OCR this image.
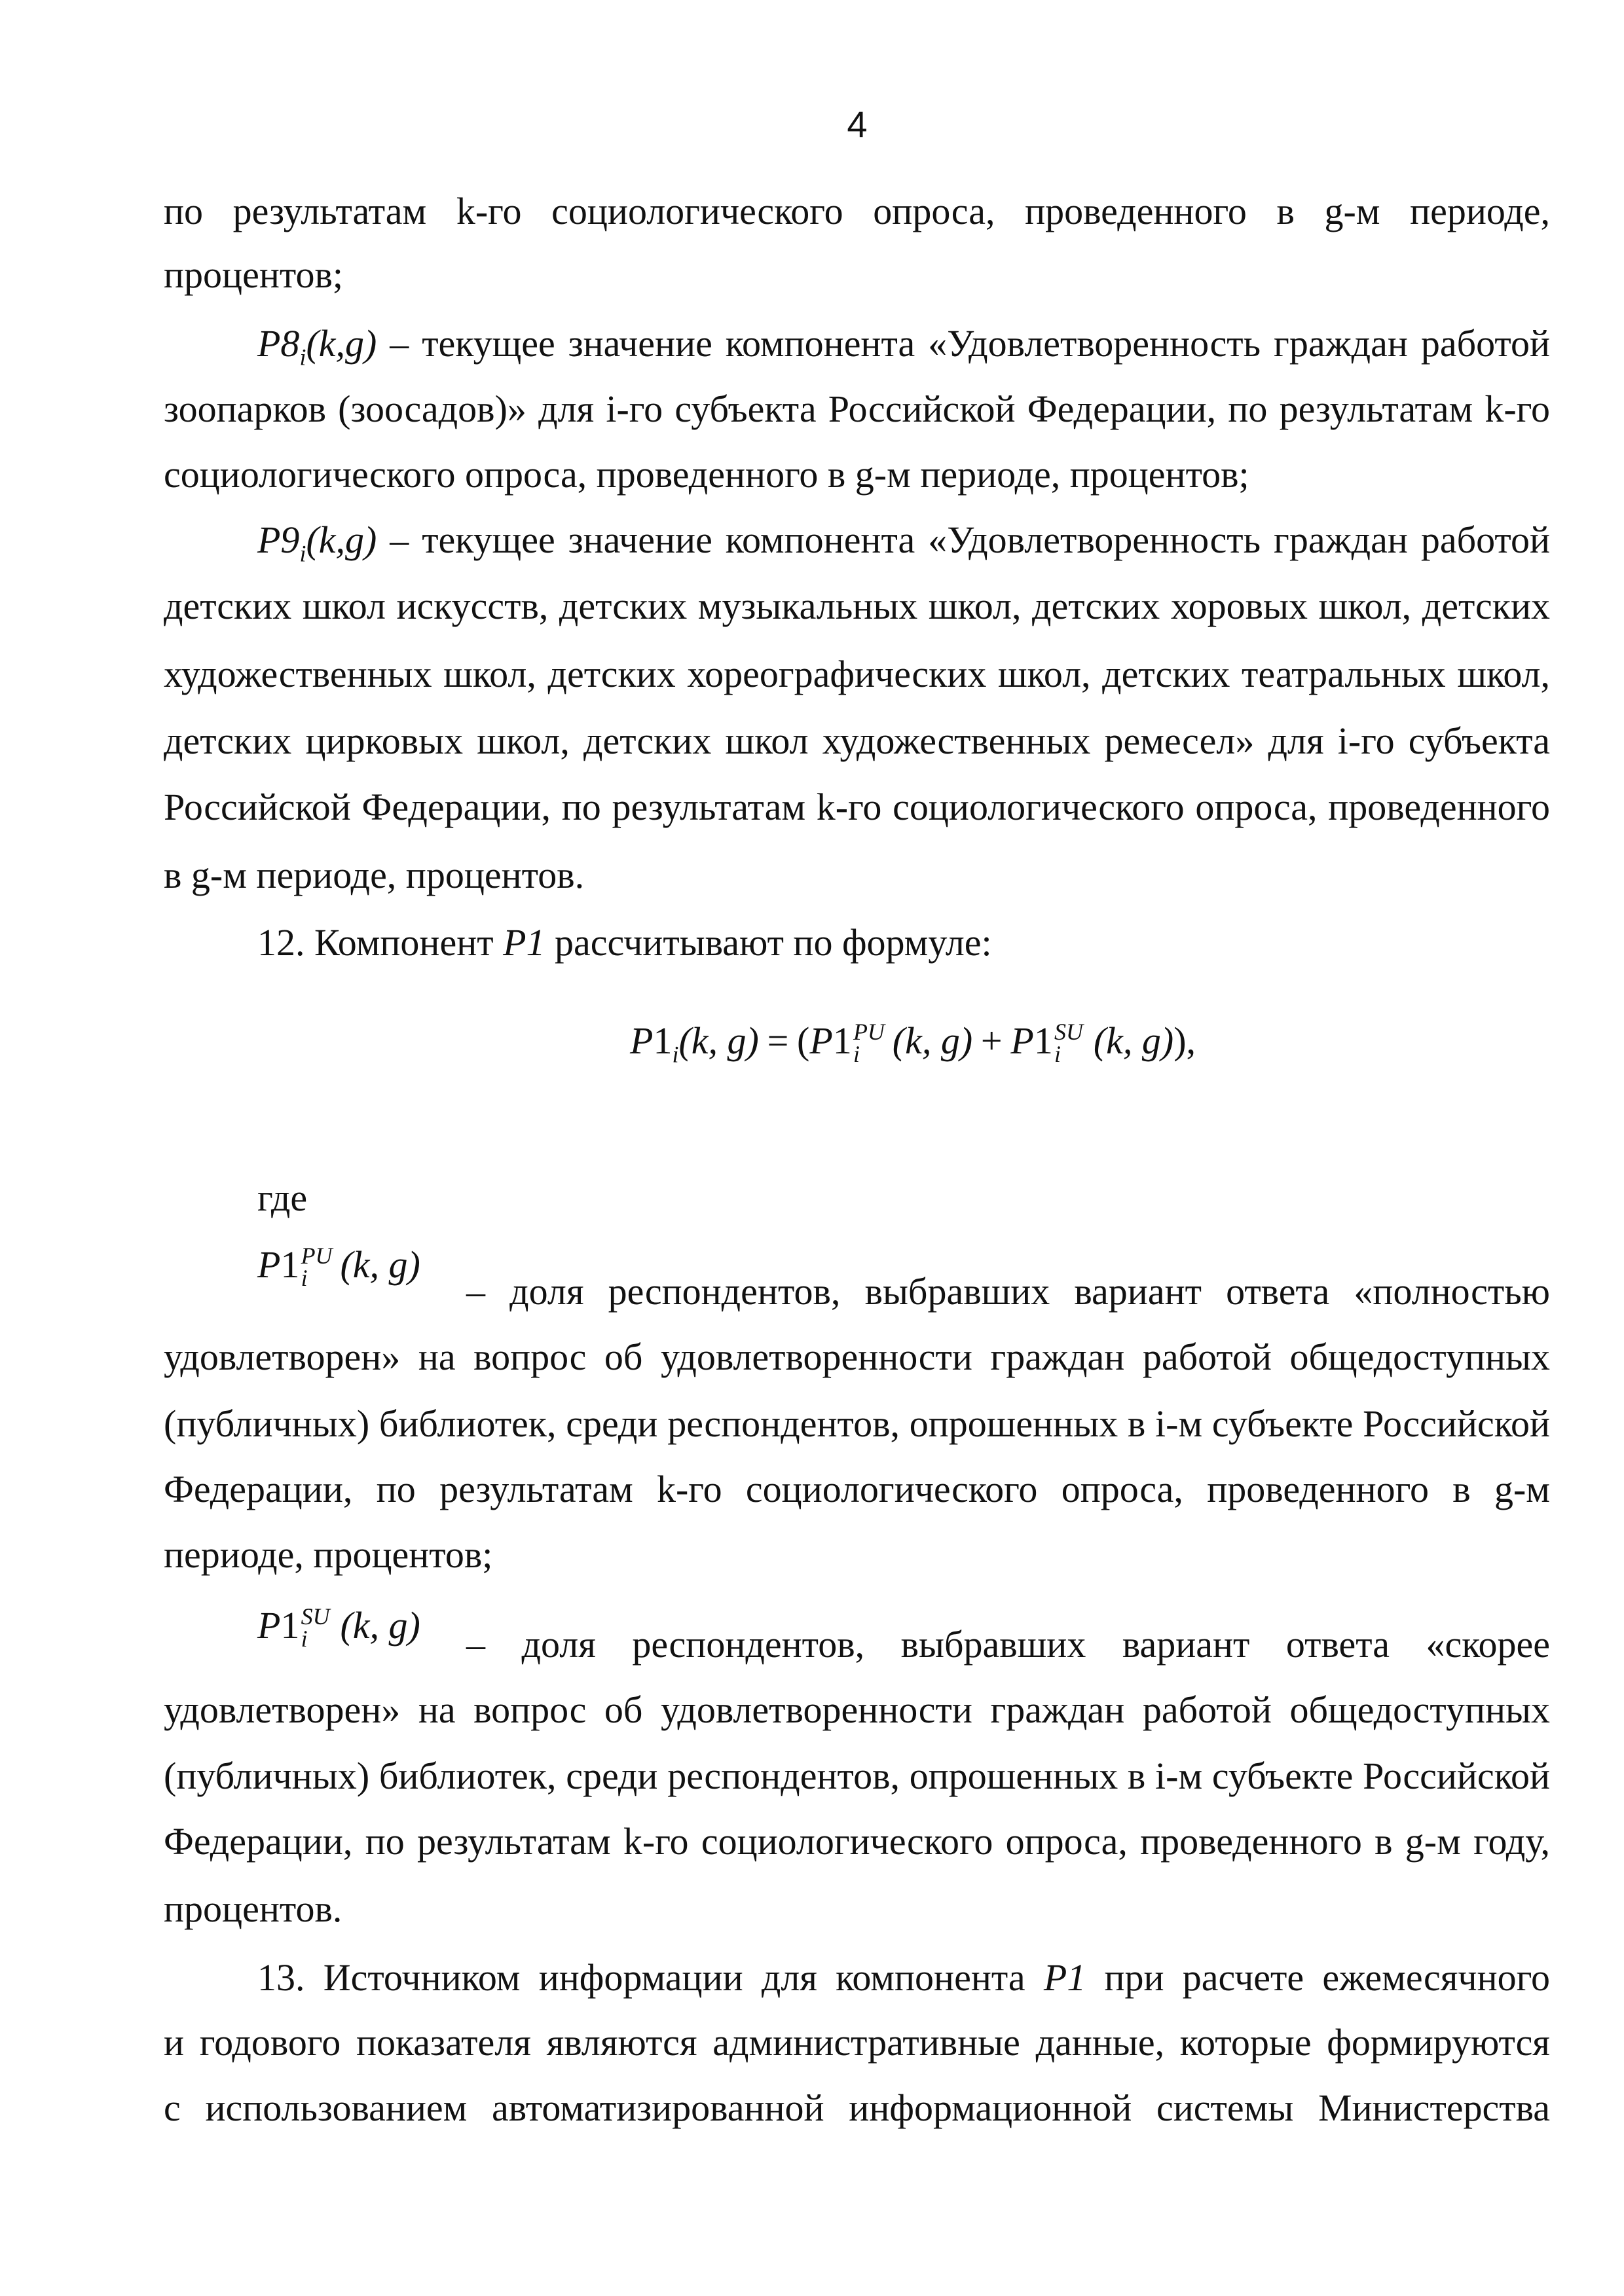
4
по результатам k-го социологического опроса, проведенного в g-м периоде,
процентов;
$P8_i(k,g)$ – текущее значение компонента «Удовлетворенность граждан работой
зоопарков (зоосадов)» для i-го субъекта Российской Федерации, по результатам k-го
социологического опроса, проведенного в g-м периоде, процентов;
$P9_i(k,g)$ – текущее значение компонента «Удовлетворенность граждан работой
детских школ искусств, детских музыкальных школ, детских хоровых школ, детских
художественных школ, детских хореографических школ, детских театральных школ,
детских цирковых школ, детских школ художественных ремесел» для i-го субъекта
Российской Федерации, по результатам k-го социологического опроса, проведенного
в g-м периоде, процентов.
12. Компонент P1 рассчитывают по формуле:
$P1_i(k$, g) = (P1 PU
i (k, g) + P1 SU
i (k, g)),
где
P1 PU
i (k, g)
– доля респондентов, выбравших вариант ответа «полностью
удовлетворен» на вопрос об удовлетворенности граждан работой общедоступных
(публичных) библиотек, среди респондентов, опрошенных в i-м субъекте Российской
Федерации, по результатам k-го социологического опроса, проведенного в g-м
периоде, процентов;
P1 SU
i (k, g)	– доля респондентов, выбравших вариант ответа «скорее
удовлетворен» на вопрос об удовлетворенности граждан работой общедоступных
(публичных) библиотек, среди респондентов, опрошенных в i-м субъекте Российской
Федерации, по результатам k-го социологического опроса, проведенного в g-м году,
процентов.
13. Источником информации для компонента P1 при расчете ежемесячного
и годового показателя являются административные данные, которые формируются
с использованием автоматизированной информационной системы Министерства
